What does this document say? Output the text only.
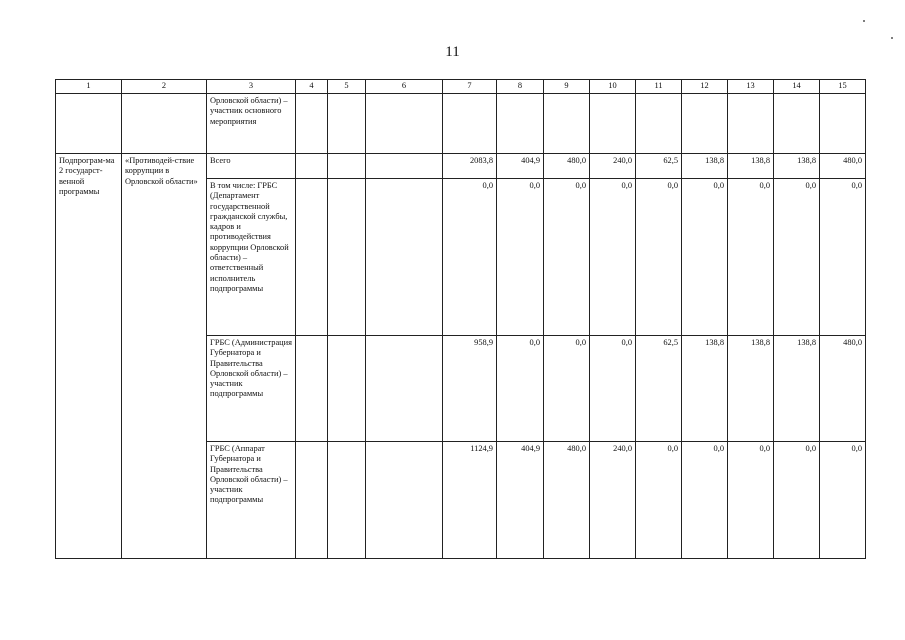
11
1	2	3	4	5	6	7	8	9	10	11	12	13	14	15
		Орловской области) – участник основного мероприятия												
Подпрограм-ма 2 государст-венной программы	«Противодей-ствие коррупции в Орловской области»	Всего				2083,8	404,9	480,0	240,0	62,5	138,8	138,8	138,8	480,0
		В том числе: ГРБС (Департамент государственной гражданской службы, кадров и противодействия коррупции Орловской области) – ответственный исполнитель подпрограммы				0,0	0,0	0,0	0,0	0,0	0,0	0,0	0,0	0,0
		ГРБС (Администрация Губернатора и Правительства Орловской области) – участник подпрограммы				958,9	0,0	0,0	0,0	62,5	138,8	138,8	138,8	480,0
		ГРБС (Аппарат Губернатора и Правительства Орловской области) – участник подпрограммы				1124,9	404,9	480,0	240,0	0,0	0,0	0,0	0,0	0,0
